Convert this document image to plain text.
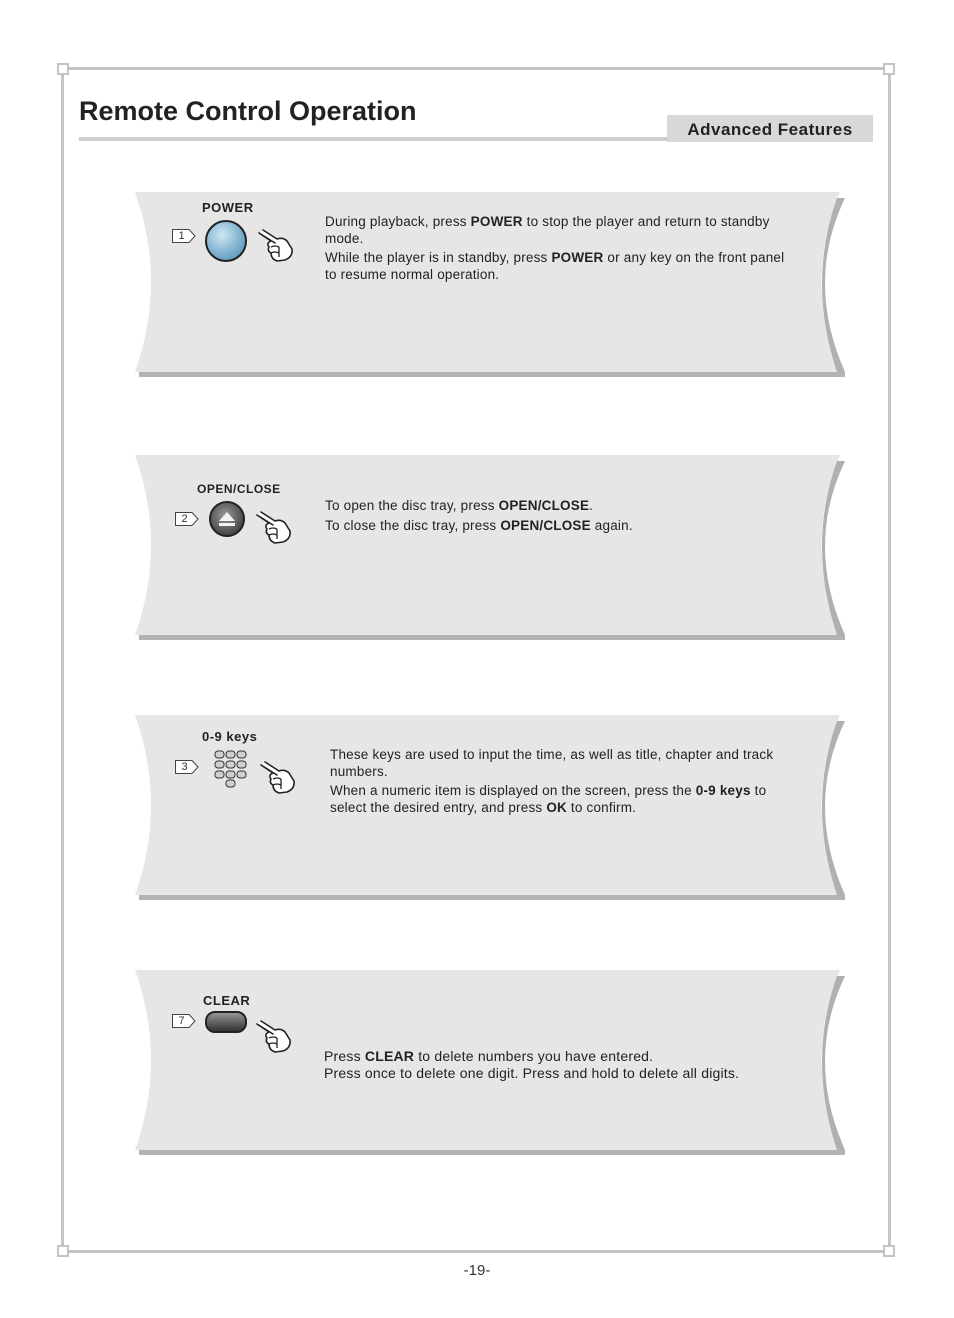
Remote Control Operation
Advanced Features
POWER
1

During playback, press POWER to stop the player and return to standby mode.

While the player is in standby, press POWER or any key on the front panel to resume normal operation.

OPEN/CLOSE
2

To open the disc tray, press OPEN/CLOSE.

To close the disc tray, press OPEN/CLOSE again.

0-9 keys
3

These keys are used to input the time, as well as title, chapter and track numbers.

When a numeric item is displayed on the screen, press the 0-9 keys to select the desired entry, and press OK to confirm.

CLEAR
7

Press CLEAR to delete numbers you have entered.

Press once to delete one digit. Press and hold to delete all digits.

-19-
